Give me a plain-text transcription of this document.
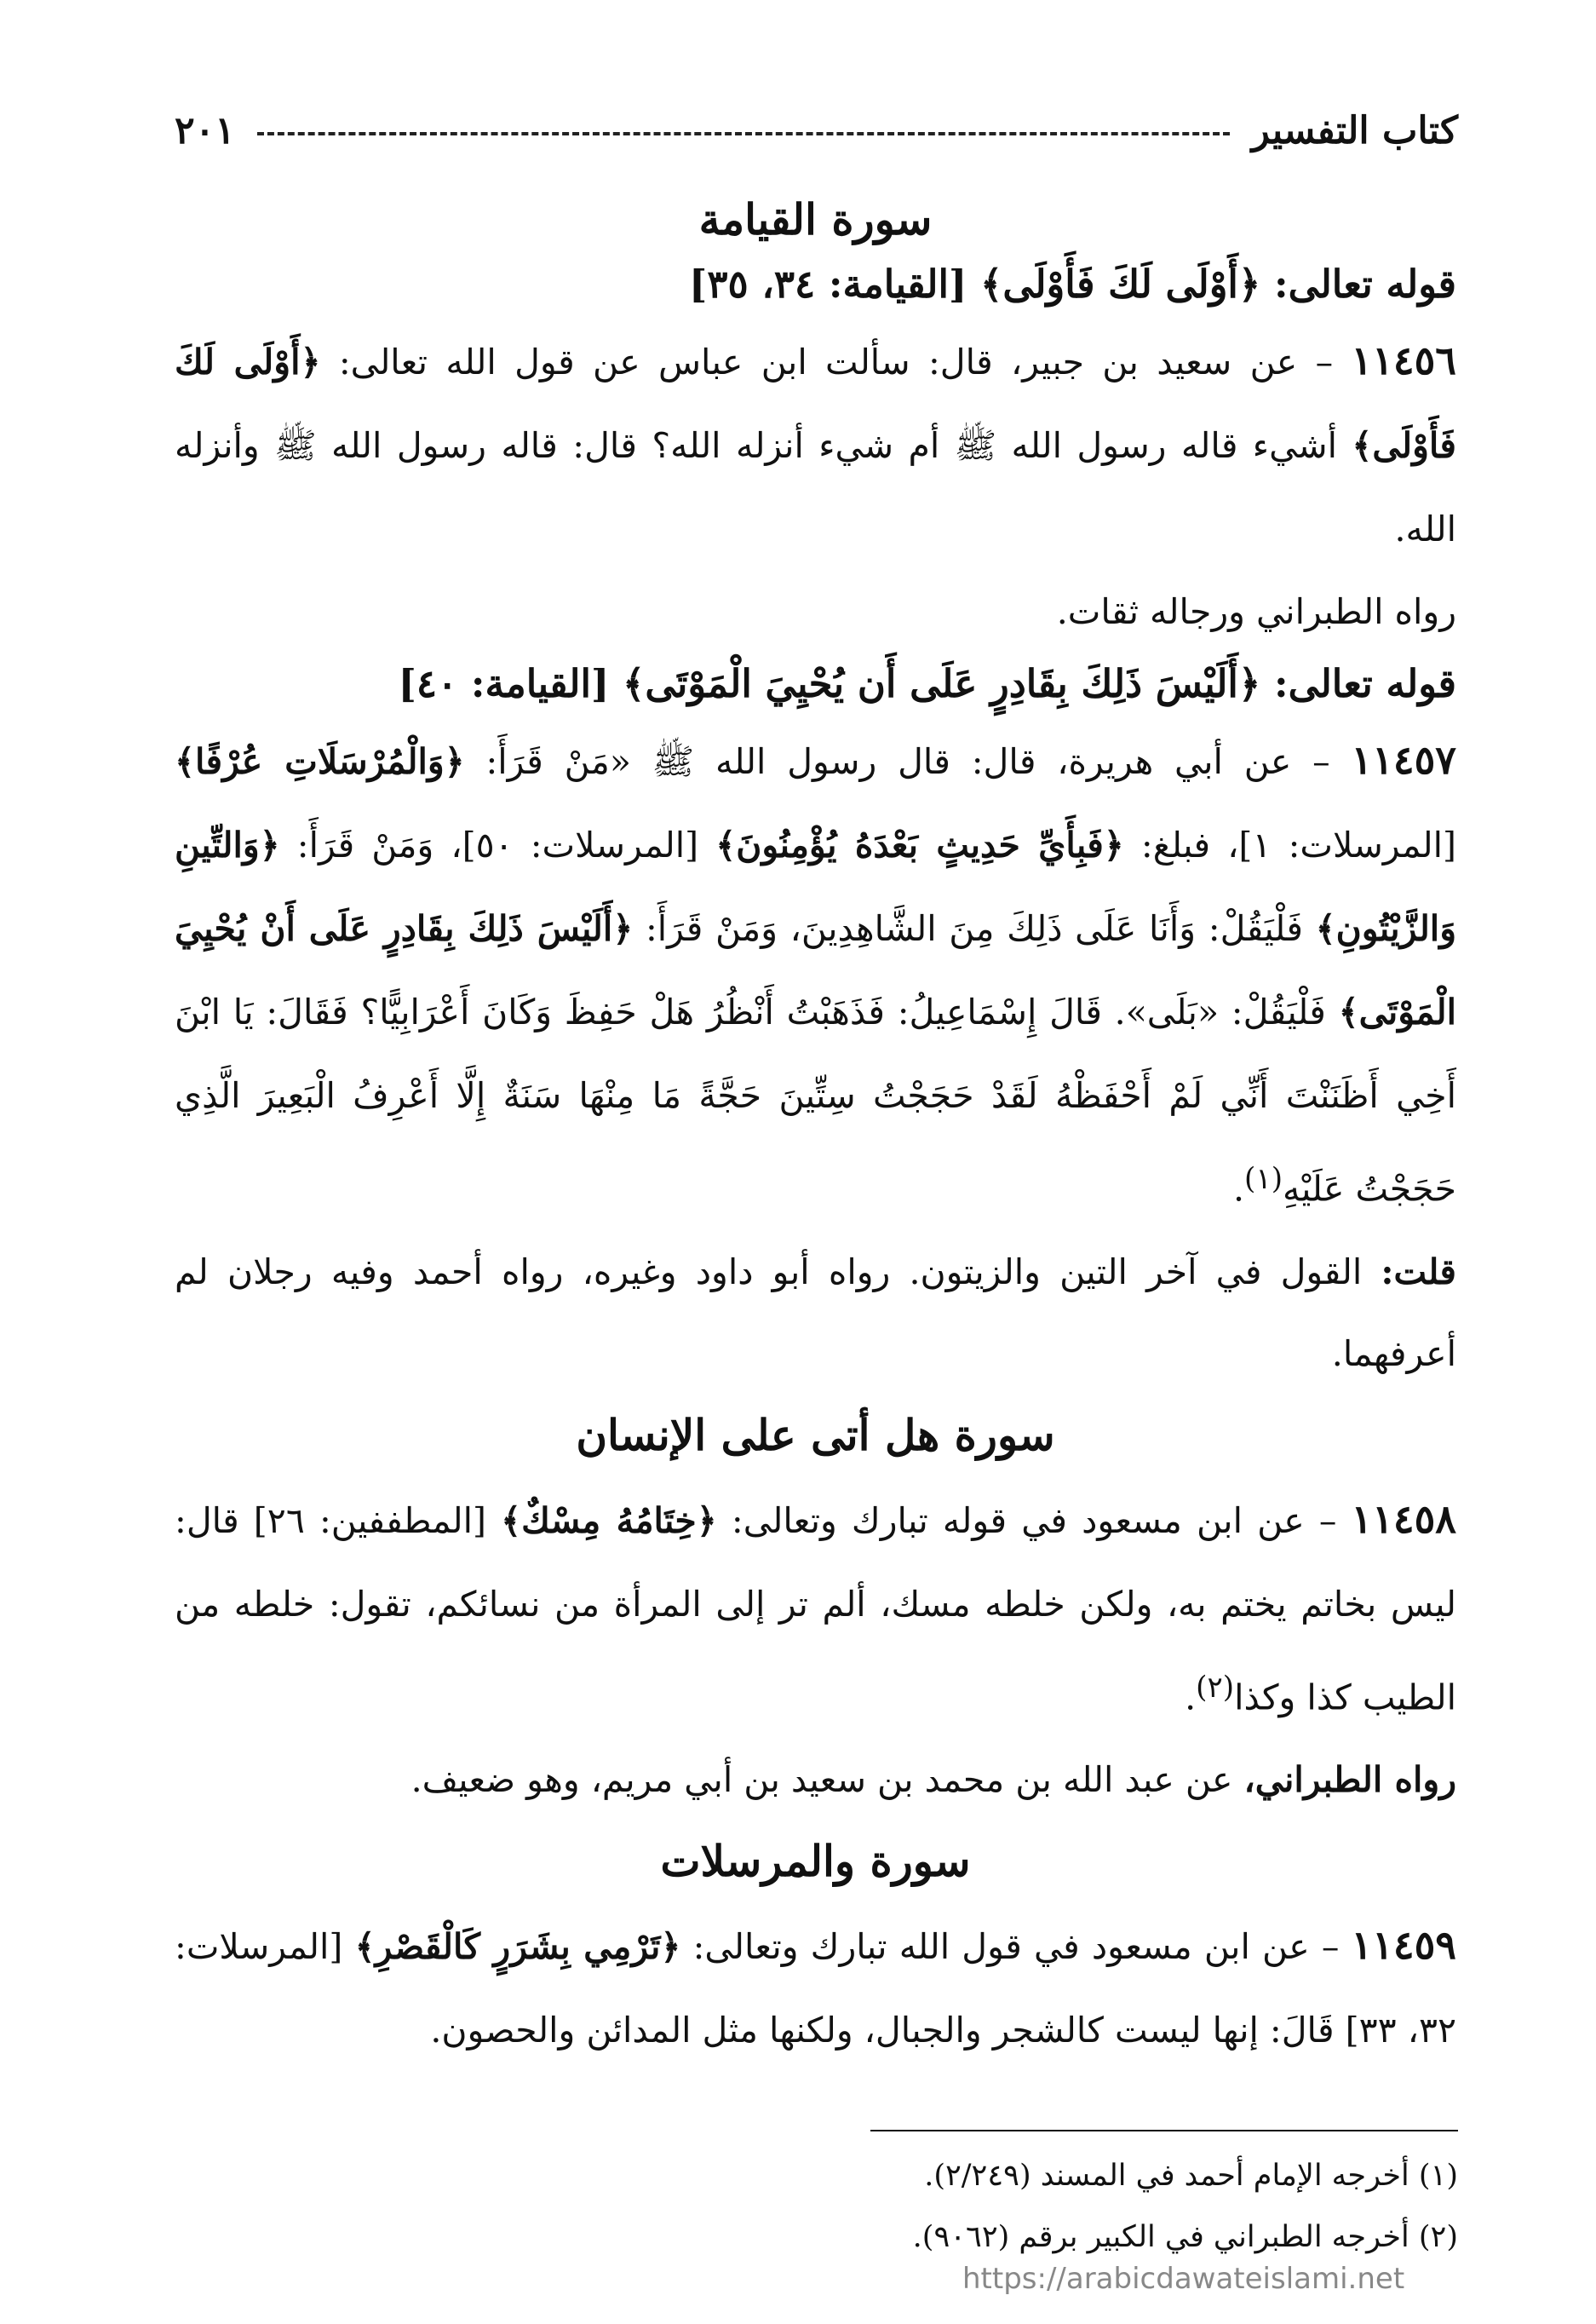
كتاب التفسير
٢٠١
سورة القيامة
قوله تعالى: ﴿أَوْلَى لَكَ فَأَوْلَى﴾ [القيامة: ٣٤، ٣٥]

١١٤٥٦ – عن سعيد بن جبير، قال: سألت ابن عباس عن قول الله تعالى: ﴿أَوْلَى لَكَ فَأَوْلَى﴾ أشيء قاله رسول الله ﷺ أم شيء أنزله الله؟ قال: قاله رسول الله ﷺ وأنزله الله.

رواه الطبراني ورجاله ثقات.

قوله تعالى: ﴿أَلَيْسَ ذَلِكَ بِقَادِرٍ عَلَى أَن يُحْيِيَ الْمَوْتَى﴾ [القيامة: ٤٠]

١١٤٥٧ – عن أبي هريرة، قال: قال رسول الله ﷺ «مَنْ قَرَأَ: ﴿وَالْمُرْسَلَاتِ عُرْفًا﴾ [المرسلات: ١]، فبلغ: ﴿فَبِأَيِّ حَدِيثٍ بَعْدَهُ يُؤْمِنُونَ﴾ [المرسلات: ٥٠]، وَمَنْ قَرَأَ: ﴿وَالتِّينِ وَالزَّيْتُونِ﴾ فَلْيَقُلْ: وَأَنَا عَلَى ذَلِكَ مِنَ الشَّاهِدِينَ، وَمَنْ قَرَأَ: ﴿أَلَيْسَ ذَلِكَ بِقَادِرٍ عَلَى أَنْ يُحْيِيَ الْمَوْتَى﴾ فَلْيَقُلْ: «بَلَى». قَالَ إِسْمَاعِيلُ: فَذَهَبْتُ أَنْظُرُ هَلْ حَفِظَ وَكَانَ أَعْرَابِيًّا؟ فَقَالَ: يَا ابْنَ أَخِي أَظَنَنْتَ أَنِّي لَمْ أَحْفَظْهُ لَقَدْ حَجَجْتُ سِتِّينَ حَجَّةً مَا مِنْهَا سَنَةٌ إِلَّا أَعْرِفُ الْبَعِيرَ الَّذِي حَجَجْتُ عَلَيْهِ$^{(١)}$.

قلت: القول في آخر التين والزيتون. رواه أبو داود وغيره، رواه أحمد وفيه رجلان لم أعرفهما.

سورة هل أتى على الإنسان

١١٤٥٨ – عن ابن مسعود في قوله تبارك وتعالى: ﴿خِتَامُهُ مِسْكٌ﴾ [المطففين: ٢٦] قال: ليس بخاتم يختم به، ولكن خلطه مسك، ألم تر إلى المرأة من نسائكم، تقول: خلطه من الطيب كذا وكذا$^{(٢)}$.

رواه الطبراني، عن عبد الله بن محمد بن سعيد بن أبي مريم، وهو ضعيف.

سورة والمرسلات

١١٤٥٩ – عن ابن مسعود في قول الله تبارك وتعالى: ﴿تَرْمِي بِشَرَرٍ كَالْقَصْرِ﴾ [المرسلات: ٣٢، ٣٣] قَالَ: إنها ليست كالشجر والجبال، ولكنها مثل المدائن والحصون.

(١) أخرجه الإمام أحمد في المسند (٢/٢٤٩).
(٢) أخرجه الطبراني في الكبير برقم (٩٠٦٢).
https://arabicdawateislami.net
